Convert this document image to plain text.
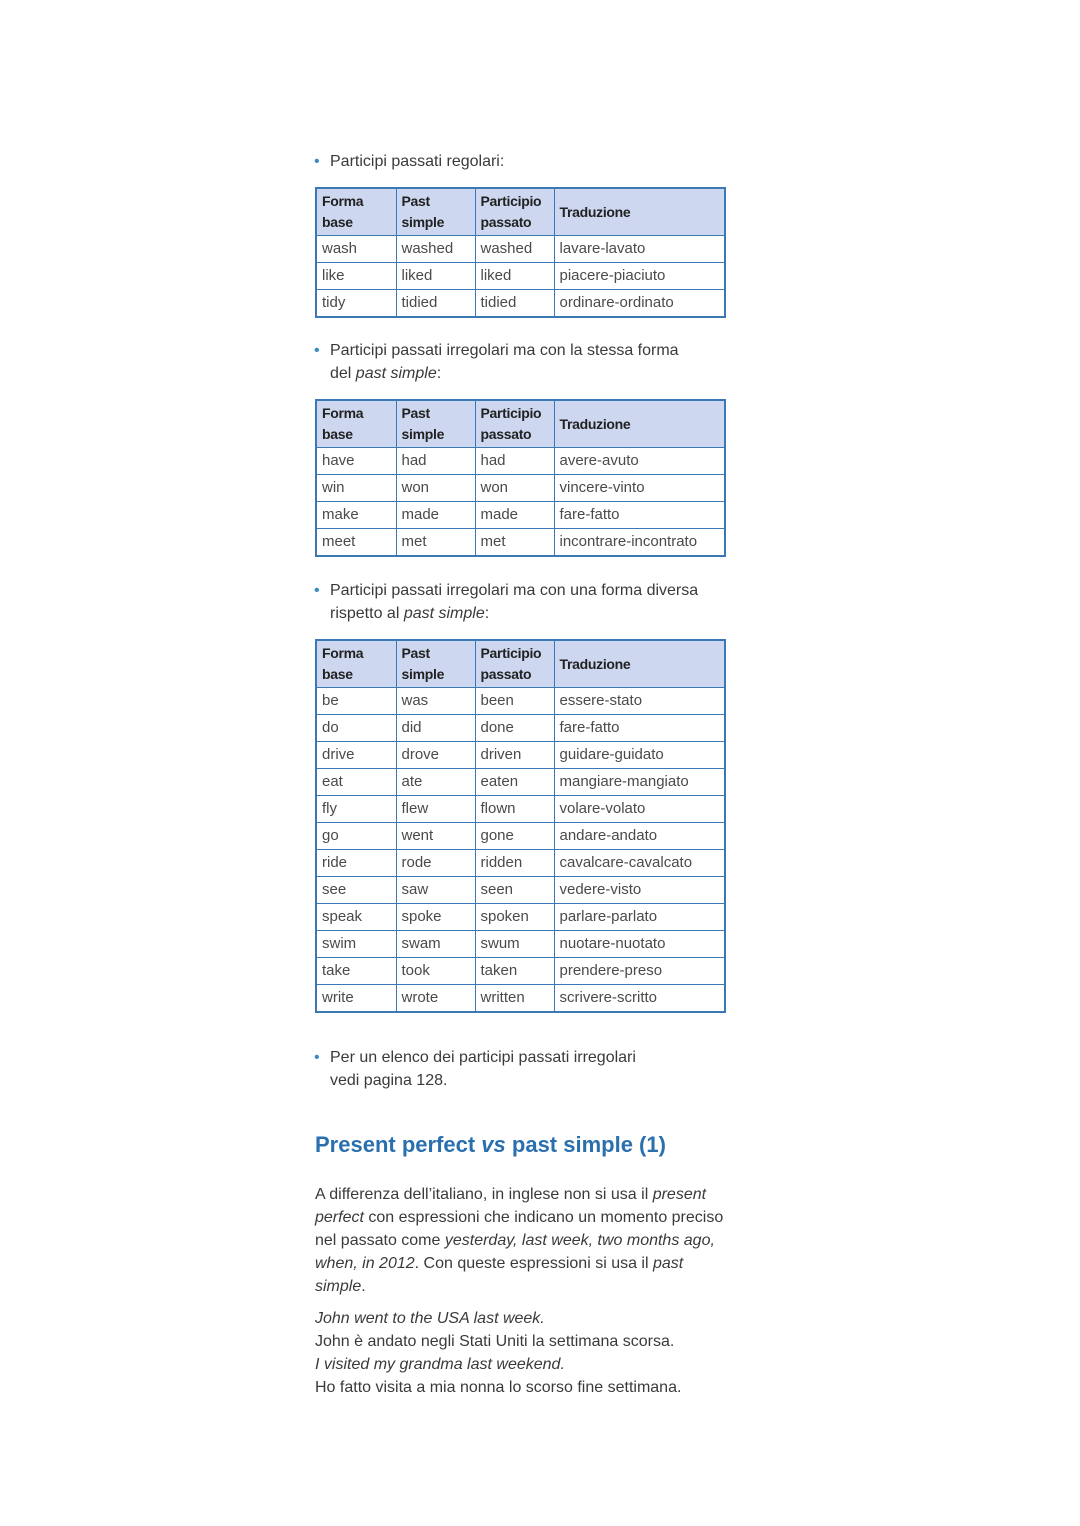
• Participi passati regolari:
Forma base	Past simple	Participio passato	Traduzione
wash	washed	washed	lavare-lavato
like	liked	liked	piacere-piaciuto
tidy	tidied	tidied	ordinare-ordinato
• Participi passati irregolari ma con la stessa forma
del past simple:
Forma base	Past simple	Participio passato	Traduzione
have	had	had	avere-avuto
win	won	won	vincere-vinto
make	made	made	fare-fatto
meet	met	met	incontrare-incontrato
• Participi passati irregolari ma con una forma diversa
rispetto al past simple:
Forma base	Past simple	Participio passato	Traduzione
be	was	been	essere-stato
do	did	done	fare-fatto
drive	drove	driven	guidare-guidato
eat	ate	eaten	mangiare-mangiato
fly	flew	flown	volare-volato
go	went	gone	andare-andato
ride	rode	ridden	cavalcare-cavalcato
see	saw	seen	vedere-visto
speak	spoke	spoken	parlare-parlato
swim	swam	swum	nuotare-nuotato
take	took	taken	prendere-preso
write	wrote	written	scrivere-scritto
• Per un elenco dei participi passati irregolari
vedi pagina 128.
Present perfect vs past simple (1)
A differenza dell’italiano, in inglese non si usa il present perfect con espressioni che indicano un momento preciso nel passato come yesterday, last week, two months ago, when, in 2012. Con queste espressioni si usa il past simple.
John went to the USA last week.
John è andato negli Stati Uniti la settimana scorsa.
I visited my grandma last weekend.
Ho fatto visita a mia nonna lo scorso fine settimana.
